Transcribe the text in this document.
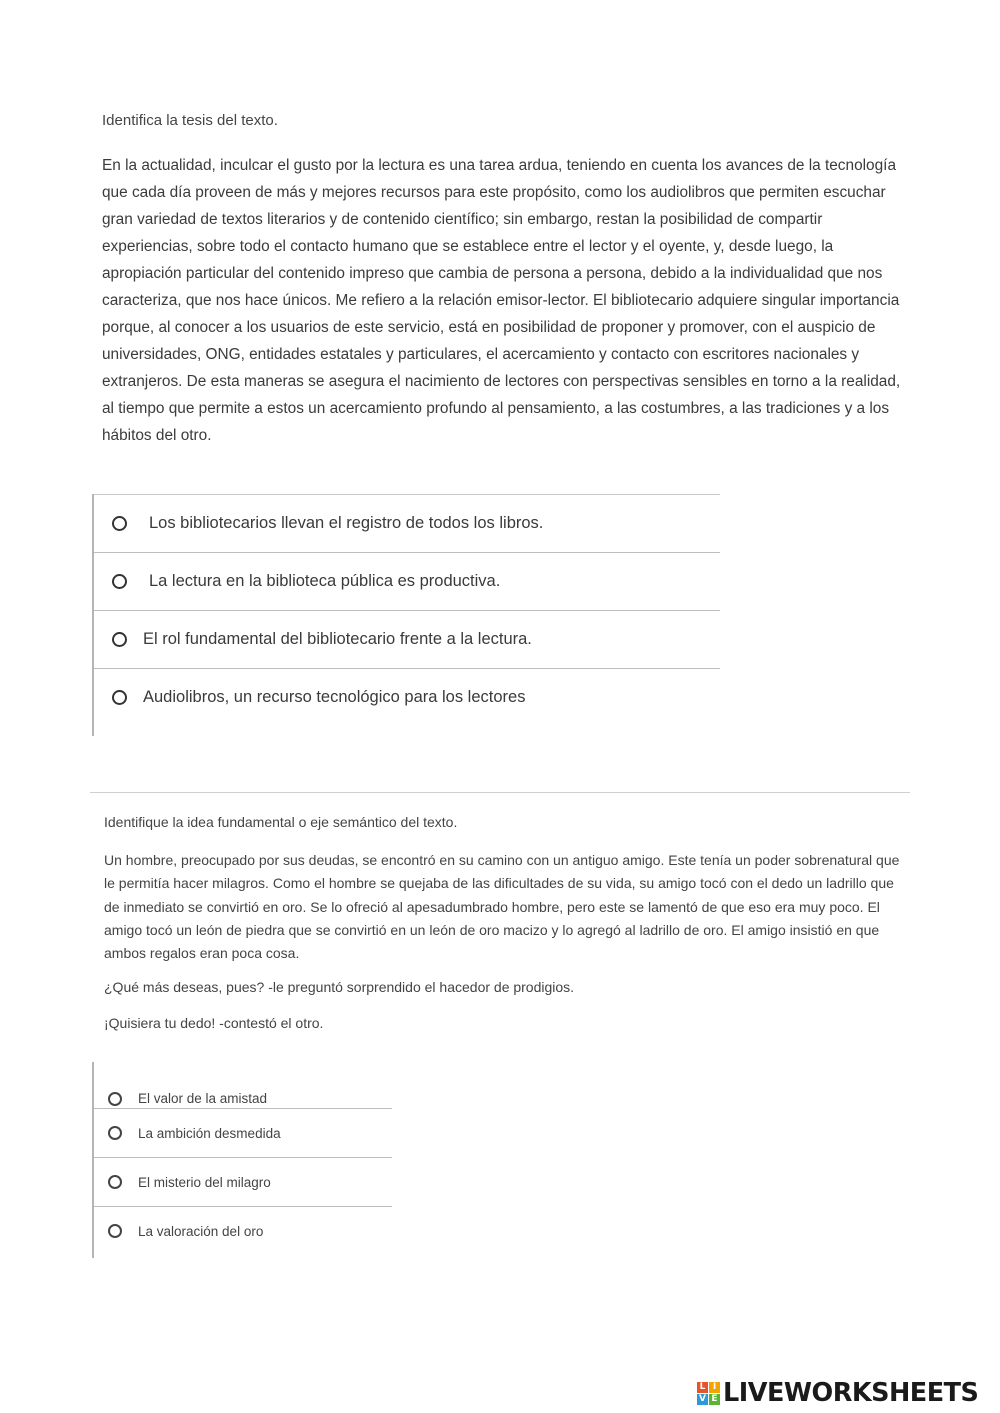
Identifica la tesis del texto.

En la actualidad, inculcar el gusto por la lectura es una tarea ardua, teniendo en cuenta los avances de la tecnología que cada día proveen de más y mejores recursos para este propósito, como los audiolibros que permiten escuchar gran variedad de textos literarios y de contenido científico; sin embargo, restan la posibilidad de compartir experiencias, sobre todo el contacto humano que se establece entre el lector y el oyente, y, desde luego, la apropiación particular del contenido impreso que cambia de persona a persona, debido a la individualidad que nos caracteriza, que nos hace únicos. Me refiero a la relación emisor-lector. El bibliotecario adquiere singular importancia porque, al conocer a los usuarios de este servicio, está en posibilidad de proponer y promover, con el auspicio de universidades, ONG, entidades estatales y particulares, el acercamiento y contacto con escritores nacionales y extranjeros. De esta maneras se asegura el nacimiento de lectores con perspectivas sensibles en torno a la realidad, al tiempo que permite a estos un acercamiento profundo al pensamiento, a las costumbres, a las tradiciones y a los hábitos del otro.

Los bibliotecarios llevan el registro de todos los libros.
La lectura en la biblioteca pública es productiva.
El rol fundamental del bibliotecario frente a la lectura.
Audiolibros, un recurso tecnológico para los lectores
Identifique la idea fundamental o eje semántico del texto.

Un hombre, preocupado por sus deudas, se encontró en su camino con un antiguo amigo. Este tenía un poder sobrenatural que le permitía hacer milagros. Como el hombre se quejaba de las dificultades de su vida, su amigo tocó con el dedo un ladrillo que de inmediato se convirtió en oro. Se lo ofreció al apesadumbrado hombre, pero este se lamentó de que eso era muy poco. El amigo tocó un león de piedra que se convirtió en un león de oro macizo y lo agregó al ladrillo de oro. El amigo insistió en que ambos regalos eran poca cosa.

¿Qué más deseas, pues? -le preguntó sorprendido el hacedor de prodigios.

¡Quisiera tu dedo! -contestó el otro.

El valor de la amistad
La ambición desmedida
El misterio del milagro
La valoración del oro
L I
V E LIVEWORKSHEETS
